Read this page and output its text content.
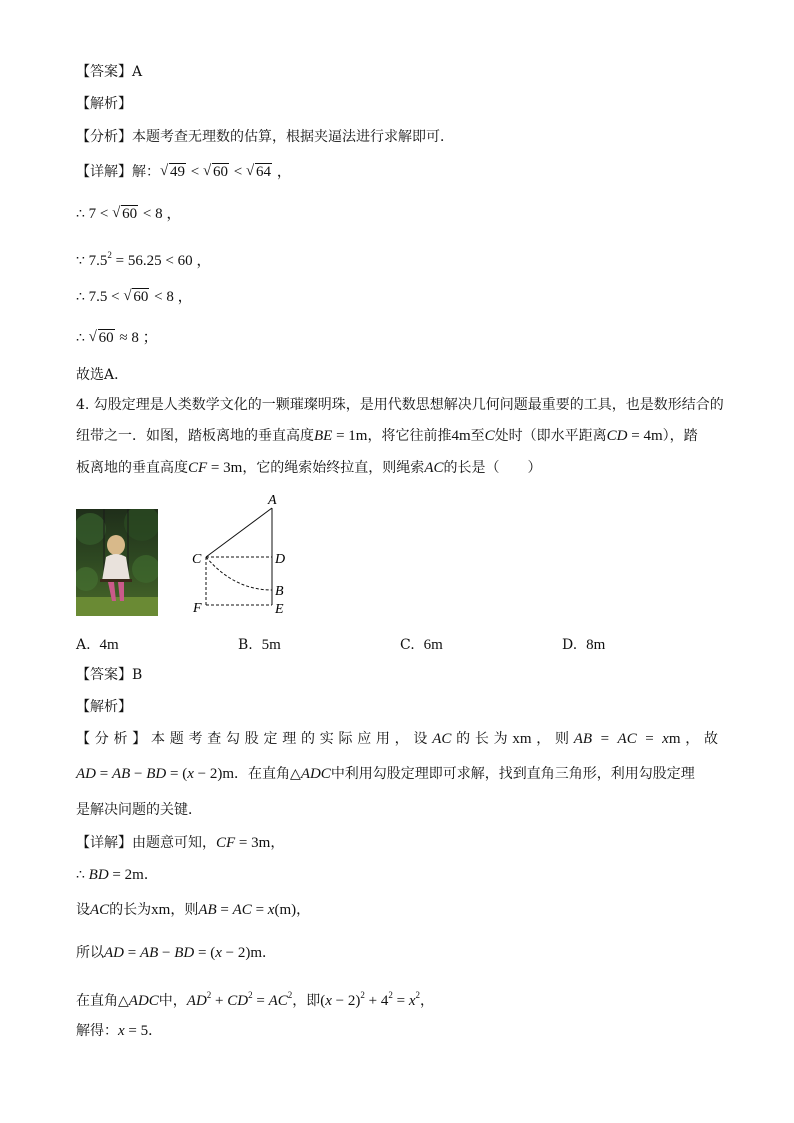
【答案】A
【解析】
【分析】本题考查无理数的估算，根据夹逼法进行求解即可．
【详解】解： √ 49 < √ 60 < √ 64 ，
∴ 7 < √ 60 < 8 ，
∵ $7.5^2 = 56.25 < 60$ ，
∴ 7.5 < √ 60 < 8 ，
∴ √ 60 ≈ 8 ；
故选A．
4. 勾股定理是人类数学文化的一颗璀璨明珠，是用代数思想解决几何问题最重要的工具，也是数形结合的
纽带之一．如图，踏板离地的垂直高度BE = 1m，将它往前推4m至C处时（即水平距离CD = 4m），踏
板离地的垂直高度CF = 3m，它的绳索始终拉直，则绳索AC的长是（　　）
A
C	D
B
F	E
A. 4m	B. 5m	C. 6m	D. 8m
【答案】B
【解析】
【分析】本题考查勾股定理的实际应用，设AC的长为xm，则AB = AC = xm，故
AD = AB − BD = (x − 2)m．在直角△ADC中利用勾股定理即可求解，找到直角三角形，利用勾股定理
是解决问题的关键．
【详解】由题意可知，CF = 3m，
∴ BD = 2m．
设AC的长为xm，则AB = AC = x(m)，
所以AD = AB − BD = (x − 2)m．
在直角△ADC中，$AD^2 + CD^2 = AC^2$，即$(x - 2)^2 + 4^2 = x^2$，
解得：x = 5．
